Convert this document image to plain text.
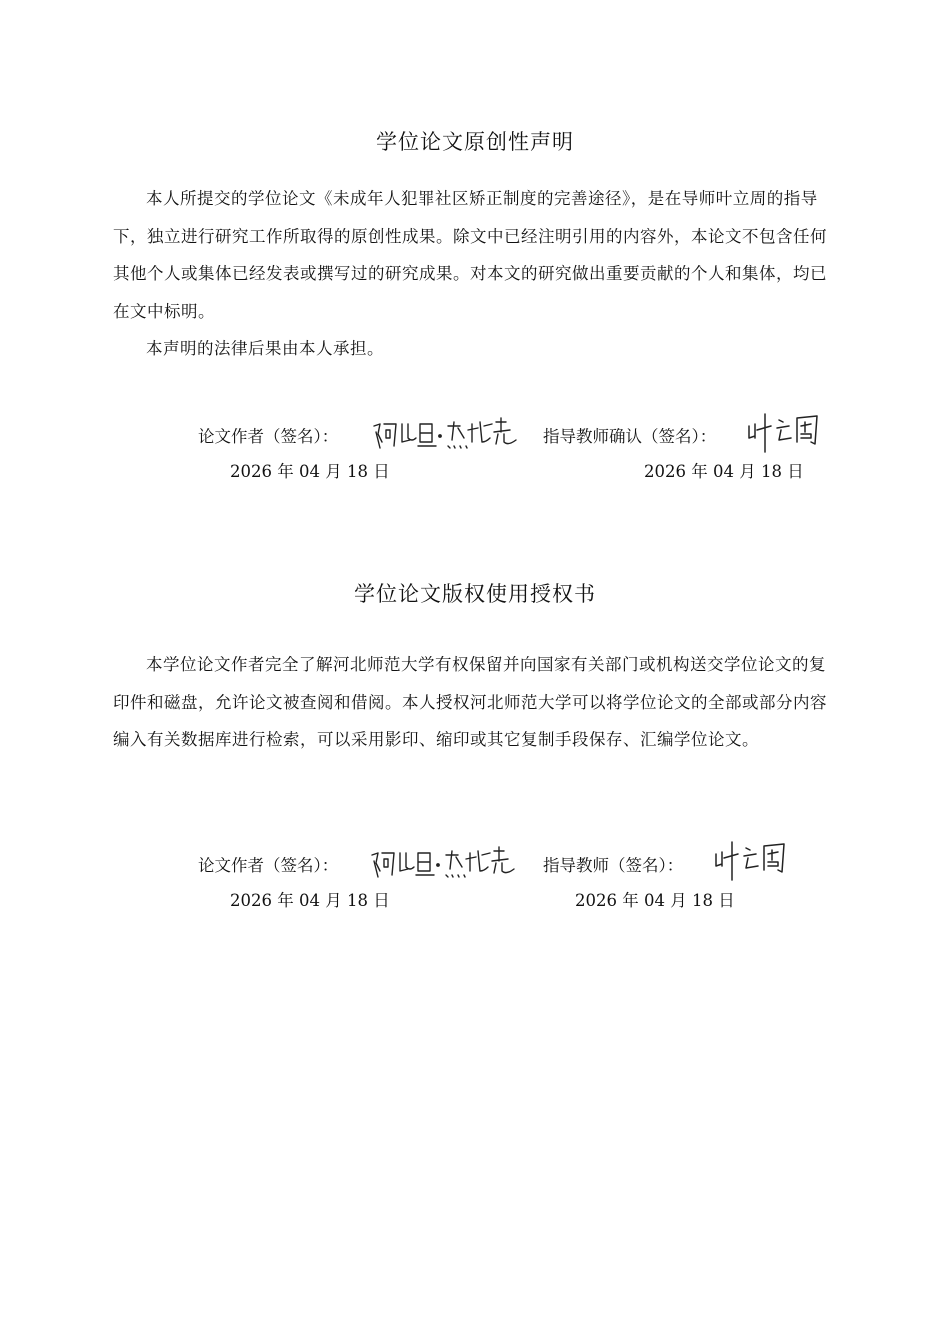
学位论文原创性声明

本人所提交的学位论文《未成年人犯罪社区矫正制度的完善途径》，是在导师叶立周的指导下，独立进行研究工作所取得的原创性成果。除文中已经注明引用的内容外，本论文不包含任何其他个人或集体已经发表或撰写过的研究成果。对本文的研究做出重要贡献的个人和集体，均已在文中标明。

本声明的法律后果由本人承担。

论文作者（签名）：	指导教师确认（签名）：
2026 年 04 月 18 日	2026 年 04 月 18 日
学位论文版权使用授权书

本学位论文作者完全了解河北师范大学有权保留并向国家有关部门或机构送交学位论文的复印件和磁盘，允许论文被查阅和借阅。本人授权河北师范大学可以将学位论文的全部或部分内容编入有关数据库进行检索，可以采用影印、缩印或其它复制手段保存、汇编学位论文。

论文作者（签名）：	指导教师（签名）：
2026 年 04 月 18 日	2026 年 04 月 18 日
